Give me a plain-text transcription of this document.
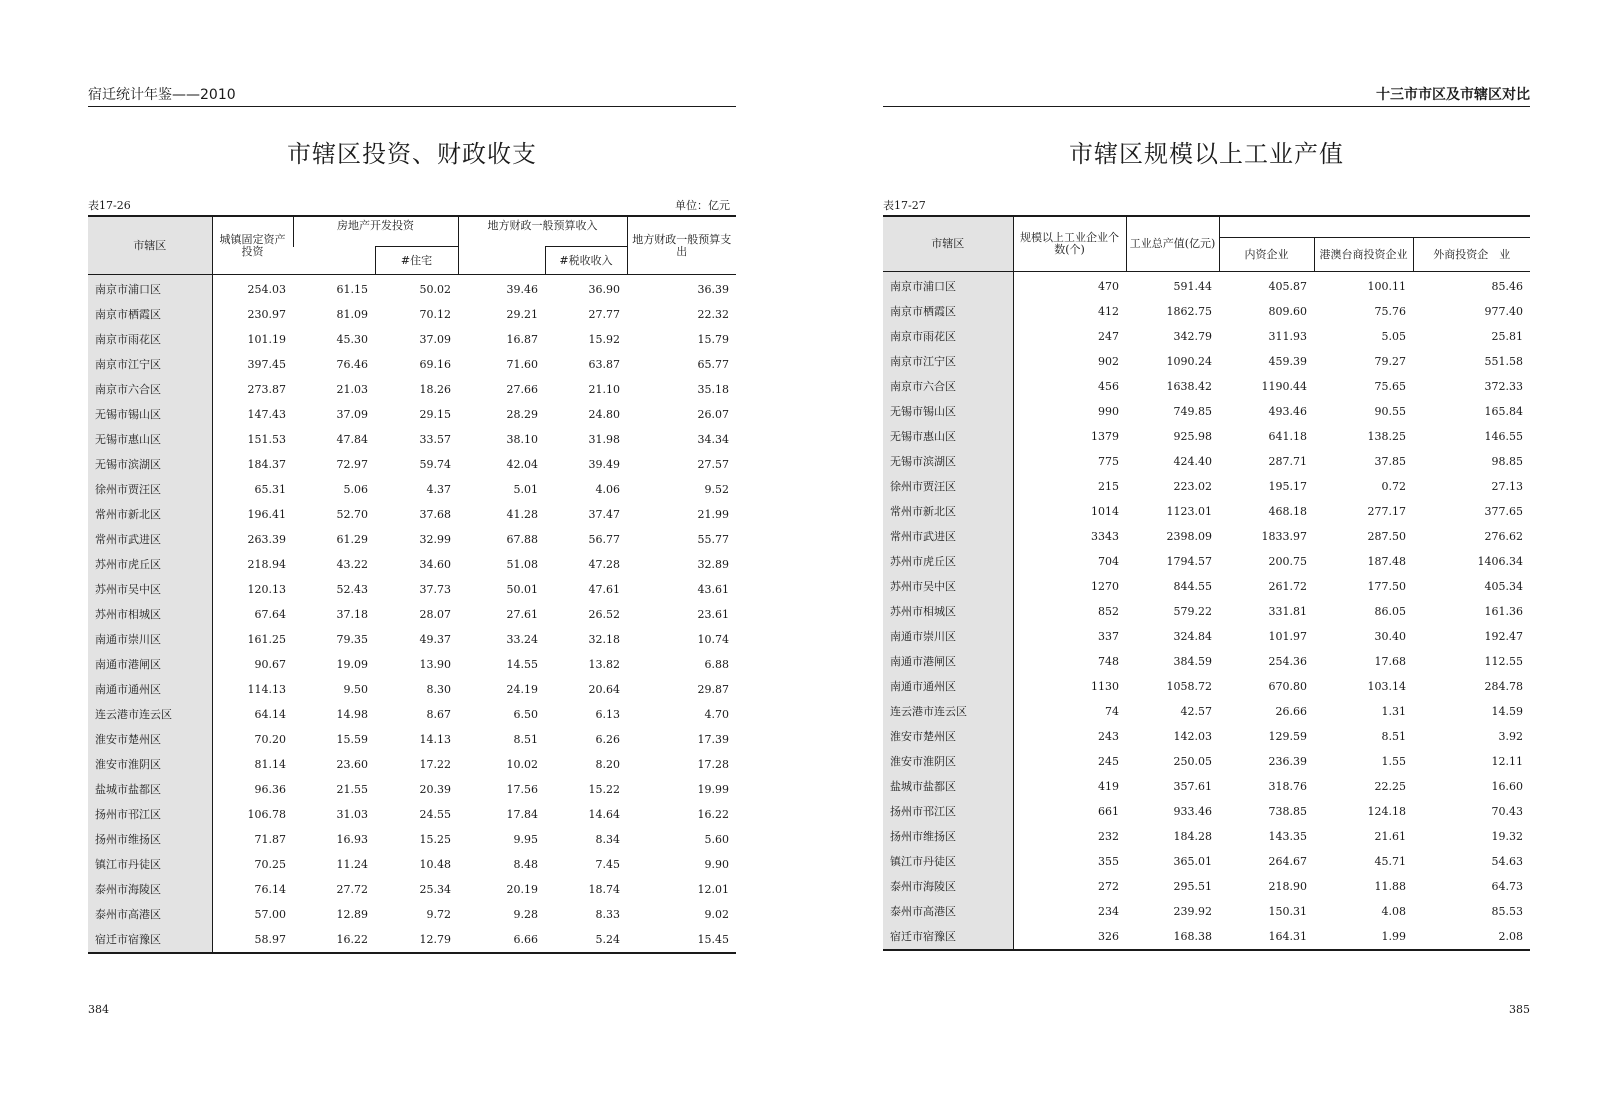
宿迁统计年鉴——2010
市辖区投资、财政收支
表17-26	单位：亿元
市辖区	城镇固定资产投资	房地产开发投资		地方财政一般预算收入		地方财政一般预算支出
			#住宅		#税收收入	
南京市浦口区	254.03	61.15	50.02	39.46	36.90	36.39
南京市栖霞区	230.97	81.09	70.12	29.21	27.77	22.32
南京市雨花区	101.19	45.30	37.09	16.87	15.92	15.79
南京市江宁区	397.45	76.46	69.16	71.60	63.87	65.77
南京市六合区	273.87	21.03	18.26	27.66	21.10	35.18
无锡市锡山区	147.43	37.09	29.15	28.29	24.80	26.07
无锡市惠山区	151.53	47.84	33.57	38.10	31.98	34.34
无锡市滨湖区	184.37	72.97	59.74	42.04	39.49	27.57
徐州市贾汪区	65.31	5.06	4.37	5.01	4.06	9.52
常州市新北区	196.41	52.70	37.68	41.28	37.47	21.99
常州市武进区	263.39	61.29	32.99	67.88	56.77	55.77
苏州市虎丘区	218.94	43.22	34.60	51.08	47.28	32.89
苏州市吴中区	120.13	52.43	37.73	50.01	47.61	43.61
苏州市相城区	67.64	37.18	28.07	27.61	26.52	23.61
南通市崇川区	161.25	79.35	49.37	33.24	32.18	10.74
南通市港闸区	90.67	19.09	13.90	14.55	13.82	6.88
南通市通州区	114.13	9.50	8.30	24.19	20.64	29.87
连云港市连云区	64.14	14.98	8.67	6.50	6.13	4.70
淮安市楚州区	70.20	15.59	14.13	8.51	6.26	17.39
淮安市淮阴区	81.14	23.60	17.22	10.02	8.20	17.28
盐城市盐都区	96.36	21.55	20.39	17.56	15.22	19.99
扬州市邗江区	106.78	31.03	24.55	17.84	14.64	16.22
扬州市维扬区	71.87	16.93	15.25	9.95	8.34	5.60
镇江市丹徒区	70.25	11.24	10.48	8.48	7.45	9.90
泰州市海陵区	76.14	27.72	25.34	20.19	18.74	12.01
泰州市高港区	57.00	12.89	9.72	9.28	8.33	9.02
宿迁市宿豫区	58.97	16.22	12.79	6.66	5.24	15.45
384
十三市市区及市辖区对比
市辖区规模以上工业产值
表17-27
市辖区	规模以上工业企业个数(个)	工业总产值(亿元)			
			内资企业	港澳台商投资企业	外商投资企　业
南京市浦口区	470	591.44	405.87	100.11	85.46
南京市栖霞区	412	1862.75	809.60	75.76	977.40
南京市雨花区	247	342.79	311.93	5.05	25.81
南京市江宁区	902	1090.24	459.39	79.27	551.58
南京市六合区	456	1638.42	1190.44	75.65	372.33
无锡市锡山区	990	749.85	493.46	90.55	165.84
无锡市惠山区	1379	925.98	641.18	138.25	146.55
无锡市滨湖区	775	424.40	287.71	37.85	98.85
徐州市贾汪区	215	223.02	195.17	0.72	27.13
常州市新北区	1014	1123.01	468.18	277.17	377.65
常州市武进区	3343	2398.09	1833.97	287.50	276.62
苏州市虎丘区	704	1794.57	200.75	187.48	1406.34
苏州市吴中区	1270	844.55	261.72	177.50	405.34
苏州市相城区	852	579.22	331.81	86.05	161.36
南通市崇川区	337	324.84	101.97	30.40	192.47
南通市港闸区	748	384.59	254.36	17.68	112.55
南通市通州区	1130	1058.72	670.80	103.14	284.78
连云港市连云区	74	42.57	26.66	1.31	14.59
淮安市楚州区	243	142.03	129.59	8.51	3.92
淮安市淮阴区	245	250.05	236.39	1.55	12.11
盐城市盐都区	419	357.61	318.76	22.25	16.60
扬州市邗江区	661	933.46	738.85	124.18	70.43
扬州市维扬区	232	184.28	143.35	21.61	19.32
镇江市丹徒区	355	365.01	264.67	45.71	54.63
泰州市海陵区	272	295.51	218.90	11.88	64.73
泰州市高港区	234	239.92	150.31	4.08	85.53
宿迁市宿豫区	326	168.38	164.31	1.99	2.08
385
